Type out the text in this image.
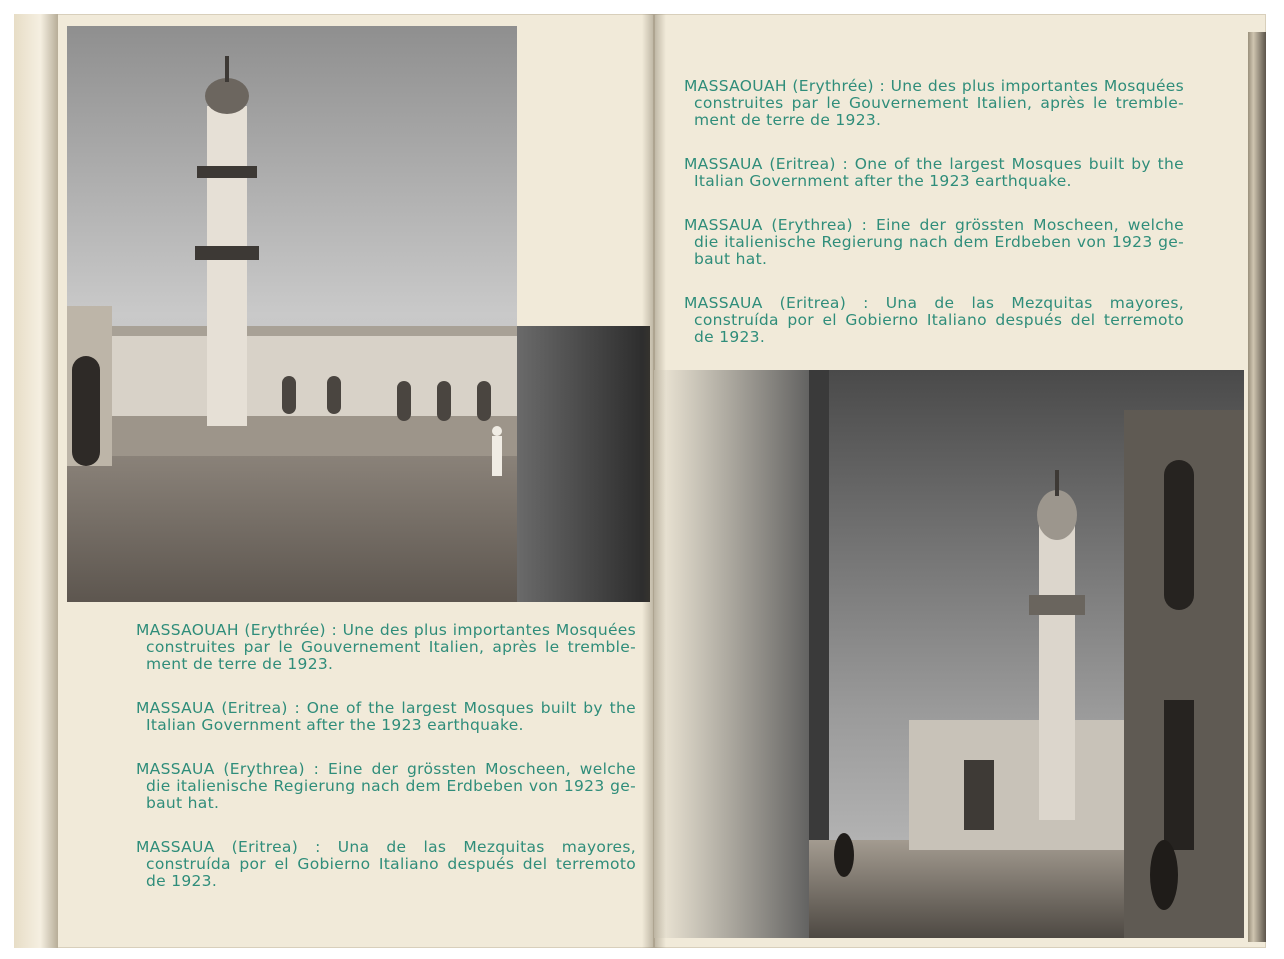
MASSAOUAH (Erythrée) : Une des plus importantes Mosquées construites par le Gouvernement Italien, après le tremble- ment de terre de 1923.

MASSAUA (Eritrea) : One of the largest Mosques built by the Italian Government after the 1923 earthquake.

MASSAUA (Erythrea) : Eine der grössten Moscheen, welche die italienische Regierung nach dem Erdbeben von 1923 ge- baut hat.

MASSAUA (Eritrea) : Una de las Mezquitas mayores, construída por el Gobierno Italiano después del terremoto de 1923.

MASSAOUAH (Erythrée) : Une des plus importantes Mosquées construites par le Gouvernement Italien, après le tremble- ment de terre de 1923.

MASSAUA (Eritrea) : One of the largest Mosques built by the Italian Government after the 1923 earthquake.

MASSAUA (Erythrea) : Eine der grössten Moscheen, welche die italienische Regierung nach dem Erdbeben von 1923 ge- baut hat.

MASSAUA (Eritrea) : Una de las Mezquitas mayores, construída por el Gobierno Italiano después del terremoto de 1923.
